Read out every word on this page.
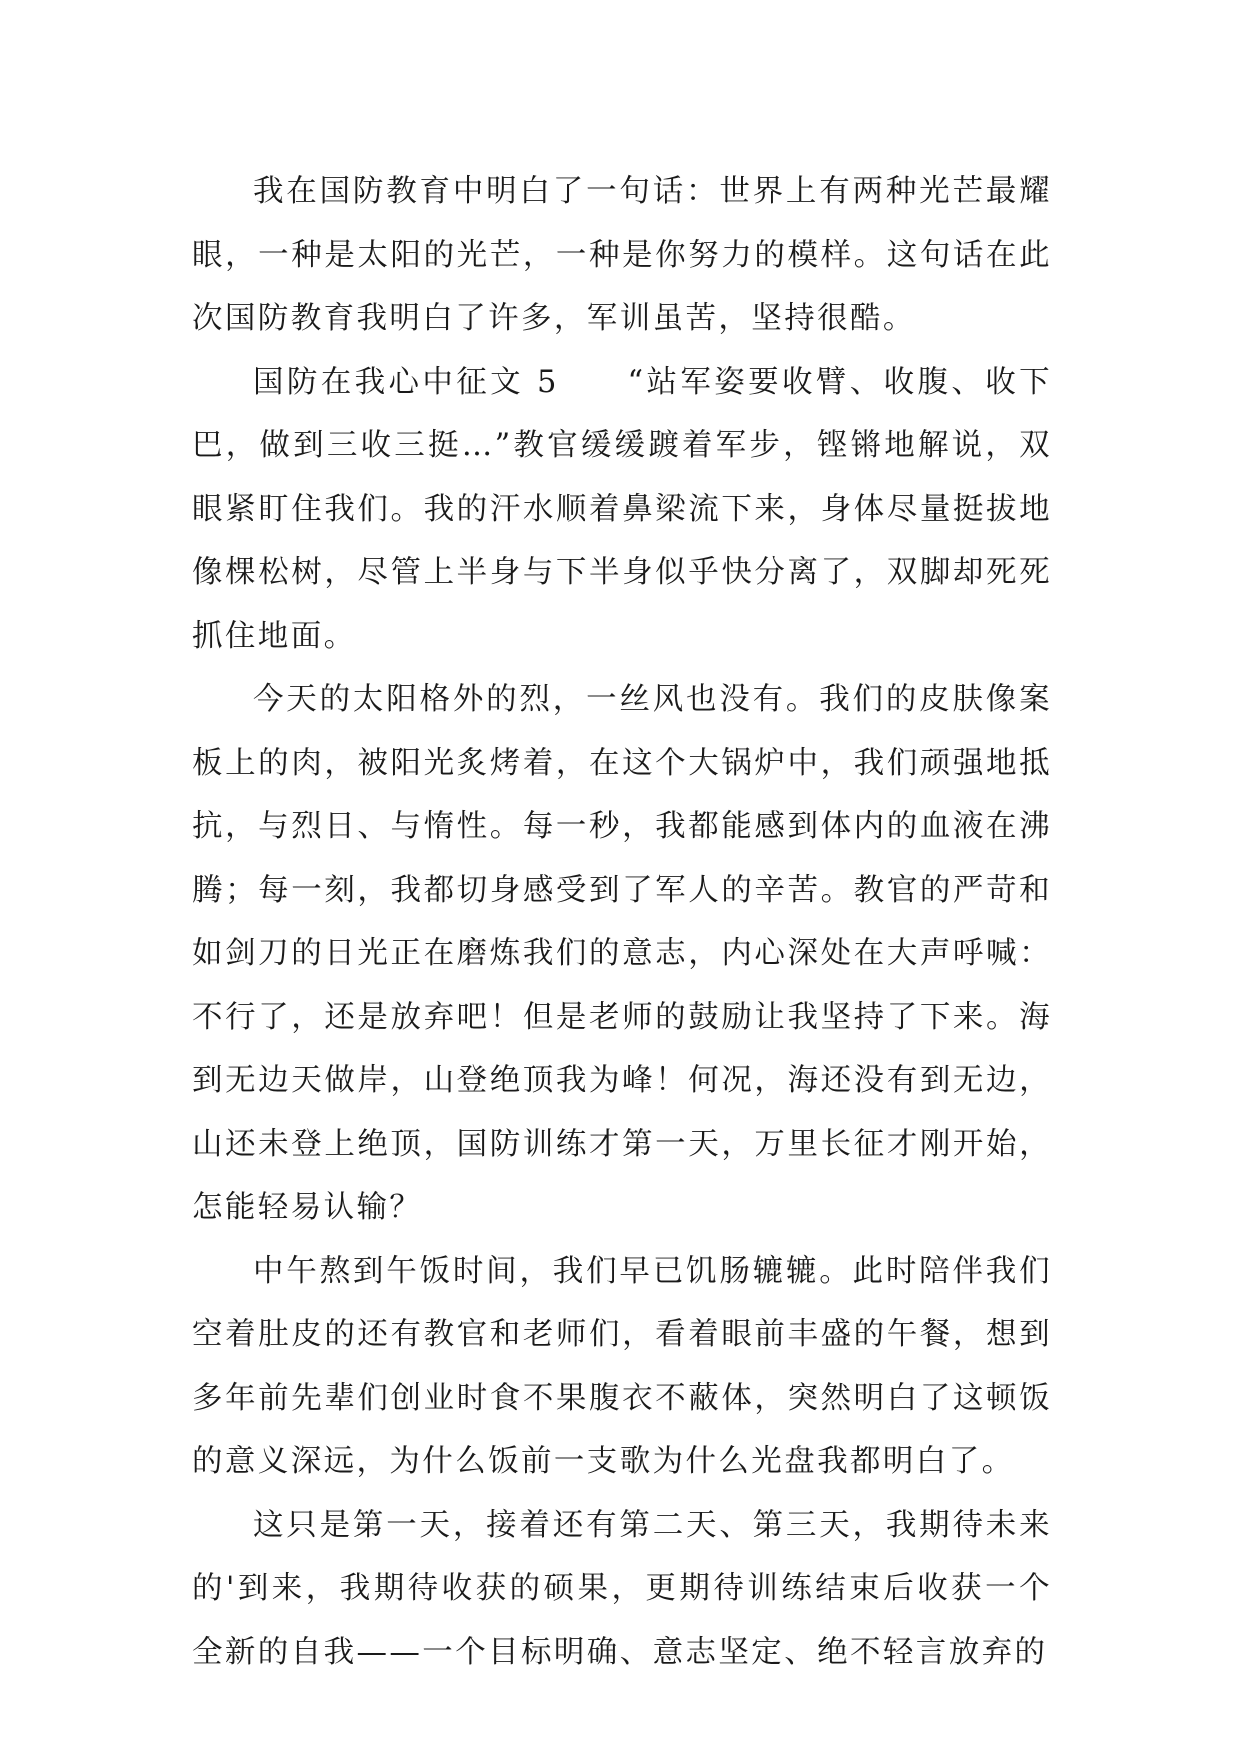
我在国防教育中明白了一句话：世界上有两种光芒最耀眼，一种是太阳的光芒，一种是你努力的模样。这句话在此次国防教育我明白了许多，军训虽苦，坚持很酷。

国防在我心中征文 5　　“站军姿要收臂、收腹、收下巴，做到三收三挺…”教官缓缓踱着军步，铿锵地解说，双眼紧盯住我们。我的汗水顺着鼻梁流下来，身体尽量挺拔地像棵松树，尽管上半身与下半身似乎快分离了，双脚却死死抓住地面。

今天的太阳格外的烈，一丝风也没有。我们的皮肤像案板上的肉，被阳光炙烤着，在这个大锅炉中，我们顽强地抵抗，与烈日、与惰性。每一秒，我都能感到体内的血液在沸腾；每一刻，我都切身感受到了军人的辛苦。教官的严苛和如剑刀的日光正在磨炼我们的意志，内心深处在大声呼喊：不行了，还是放弃吧！但是老师的鼓励让我坚持了下来。海到无边天做岸，山登绝顶我为峰！何况，海还没有到无边，山还未登上绝顶，国防训练才第一天，万里长征才刚开始，怎能轻易认输？

中午熬到午饭时间，我们早已饥肠辘辘。此时陪伴我们空着肚皮的还有教官和老师们，看着眼前丰盛的午餐，想到多年前先辈们创业时食不果腹衣不蔽体，突然明白了这顿饭的意义深远，为什么饭前一支歌为什么光盘我都明白了。

这只是第一天，接着还有第二天、第三天，我期待未来的'到来，我期待收获的硕果，更期待训练结束后收获一个全新的自我——一个目标明确、意志坚定、绝不轻言放弃的
